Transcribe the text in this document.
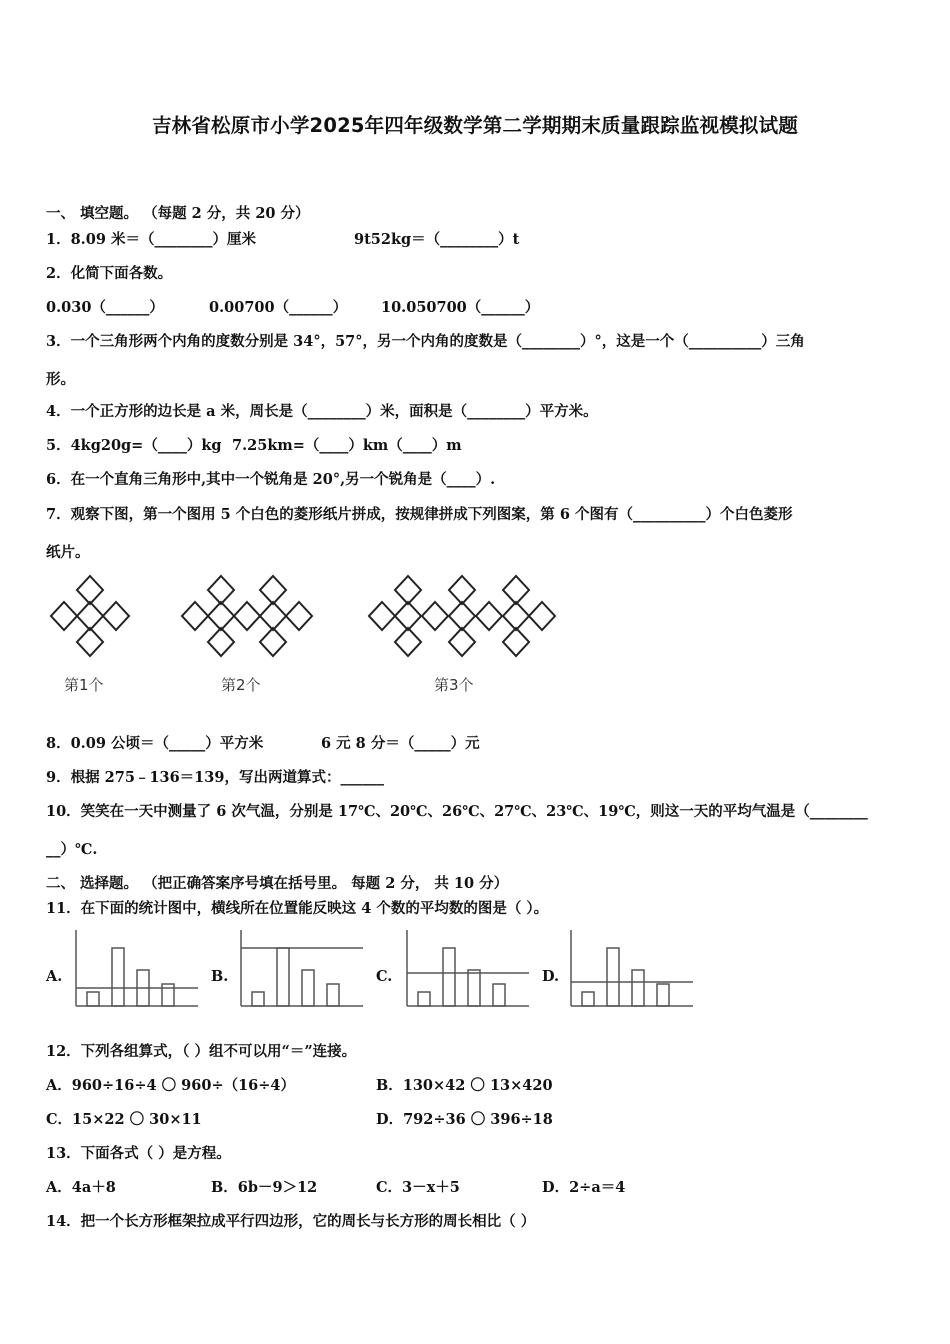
吉林省松原市小学2025年四年级数学第二学期期末质量跟踪监视模拟试题
一、 填空题。 （每题 2 分，共 20 分）
1．8.09 米＝（________）厘米	9t52kg＝（________）t
2．化简下面各数。
0.030（______）	0.00700（______） 10.050700（______）
3．一个三角形两个内角的度数分别是 34°，57°，另一个内角的度数是（________）°，这是一个（__________）三角
形。
4．一个正方形的边长是 a 米，周长是（________）米，面积是（________）平方米。
5．4kg20g=（____）kg 7.25km=（____）km（____）m
6．在一个直角三角形中,其中一个锐角是 20°,另一个锐角是（____）.
7．观察下图，第一个图用 5 个白色的菱形纸片拼成，按规律拼成下列图案，第 6 个图有（__________）个白色菱形
纸片。
第1个	第2个	第3个
8．0.09 公顷＝（_____）平方米	6 元 8 分＝（_____）元
9．根据 275﹣136＝139，写出两道算式：______
10．笑笑在一天中测量了 6 次气温，分别是 17℃、20℃、26℃、27℃、23℃、19℃，则这一天的平均气温是（________
__）℃.
二、 选择题。 （把正确答案序号填在括号里。 每题 2 分， 共 10 分）
11．在下面的统计图中，横线所在位置能反映这 4 个数的平均数的图是（ ）。
A.	B.	C.	D.
12．下列各组算式，（ ）组不可以用“＝”连接。
A．960÷16÷4 〇 960÷（16÷4）	B．130×42 〇 13×420
C．15×22 〇 30×11	D．792÷36 〇 396÷18
13．下面各式（ ）是方程。
A．4a＋8	B．6b－9＞12	C．3－x＋5	D．2÷a＝4
14．把一个长方形框架拉成平行四边形，它的周长与长方形的周长相比（ ）
